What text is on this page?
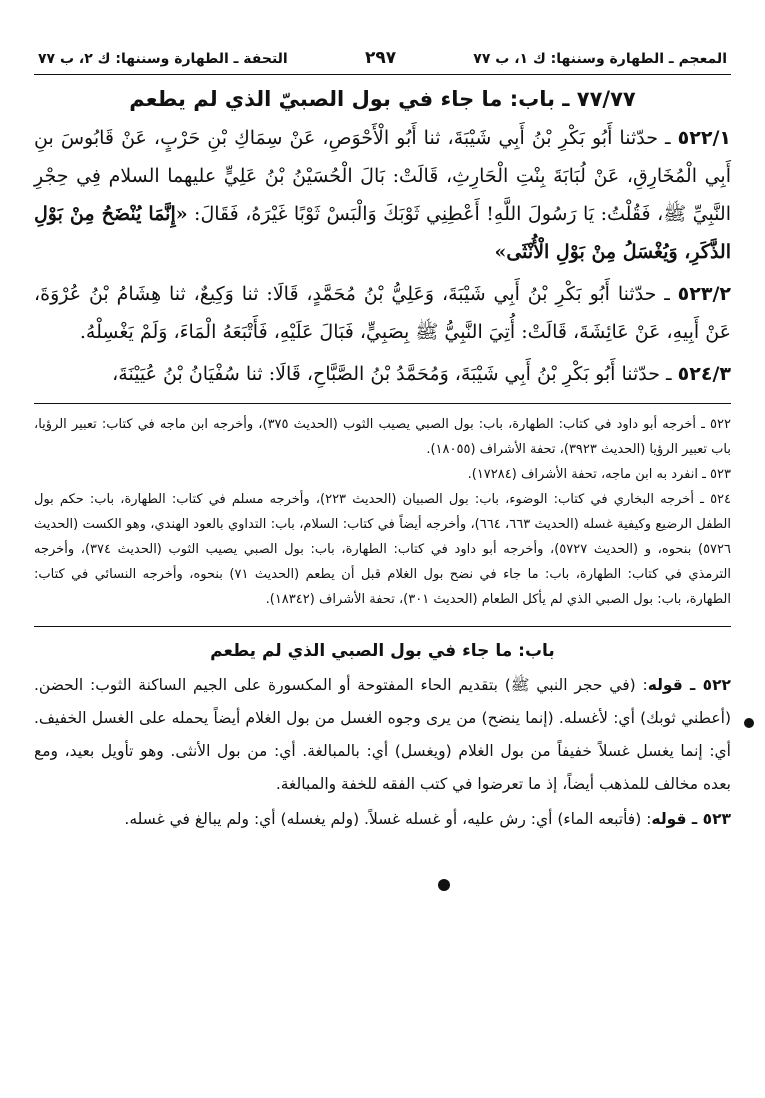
المعجم ـ الطهارة وسننها: ك ١، ب ٧٧
٢٩٧
التحفة ـ الطهارة وسننها: ك ٢، ب ٧٧
٧٧/٧٧ ـ باب: ما جاء في بول الصبيّ الذي لم يطعم

٥٢٢/١ ـ حدّثنا أَبُو بَكْرِ بْنُ أَبِي شَيْبَةَ، ثنا أَبُو الْأَحْوَصِ، عَنْ سِمَاكِ بْنِ حَرْبٍ، عَنْ قَابُوسَ بنِ أَبِي الْمُخَارِقِ، عَنْ لُبَابَةَ بِنْتِ الْحَارِثِ، قَالَتْ: بَالَ الْحُسَيْنُ بْنُ عَلِيٍّ عليهما السلام فِي حِجْرِ النَّبِيِّ ﷺ، فَقُلْتُ: يَا رَسُولَ اللَّهِ! أَعْطِنِي ثَوْبَكَ وَالْبَسْ ثَوْبًا غَيْرَهُ، فَقَالَ: «إِنَّمَا يُنْضَحُ مِنْ بَوْلِ الذَّكَرِ، وَيُغْسَلُ مِنْ بَوْلِ الْأُنْثَى»

٥٢٣/٢ ـ حدّثنا أَبُو بَكْرِ بْنُ أَبِي شَيْبَةَ، وَعَلِيُّ بْنُ مُحَمَّدٍ، قَالَا: ثنا وَكِيعٌ، ثنا هِشَامُ بْنُ عُرْوَةَ، عَنْ أَبِيهِ، عَنْ عَائِشَةَ، قَالَتْ: أُتِيَ النَّبِيُّ ﷺ بِصَبِيٍّ، فَبَالَ عَلَيْهِ، فَأَتْبَعَهُ الْمَاءَ، وَلَمْ يَغْسِلْهُ.

٥٢٤/٣ ـ حدّثنا أَبُو بَكْرِ بْنُ أَبِي شَيْبَةَ، وَمُحَمَّدُ بْنُ الصَّبَّاحِ، قَالَا: ثنا سُفْيَانُ بْنُ عُيَيْنَةَ،

٥٢٢ ـ أخرجه أبو داود في كتاب: الطهارة، باب: بول الصبي يصيب الثوب (الحديث ٣٧٥)، وأخرجه ابن ماجه في كتاب: تعبير الرؤيا، باب تعبير الرؤيا (الحديث ٣٩٢٣)، تحفة الأشراف (١٨٠٥٥).

٥٢٣ ـ انفرد به ابن ماجه، تحفة الأشراف (١٧٢٨٤).

٥٢٤ ـ أخرجه البخاري في كتاب: الوضوء، باب: بول الصبيان (الحديث ٢٢٣)، وأخرجه مسلم في كتاب: الطهارة، باب: حكم بول الطفل الرضيع وكيفية غسله (الحديث ٦٦٣، ٦٦٤)، وأخرجه أيضاً في كتاب: السلام، باب: التداوي بالعود الهندي، وهو الكست (الحديث ٥٧٢٦) بنحوه، و (الحديث ٥٧٢٧)، وأخرجه أبو داود في كتاب: الطهارة، باب: بول الصبي يصيب الثوب (الحديث ٣٧٤)، وأخرجه الترمذي في كتاب: الطهارة، باب: ما جاء في نضح بول الغلام قبل أن يطعم (الحديث ٧١) بنحوه، وأخرجه النسائي في كتاب: الطهارة، باب: بول الصبي الذي لم يأكل الطعام (الحديث ٣٠١)، تحفة الأشراف (١٨٣٤٢).

باب: ما جاء في بول الصبي الذي لم يطعم

٥٢٢ ـ قوله: (في حجر النبي ﷺ) بتقديم الحاء المفتوحة أو المكسورة على الجيم الساكنة الثوب: الحضن. (أعطني ثوبك) أي: لأغسله. (إنما ينضح) من يرى وجوه الغسل من بول الغلام أيضاً يحمله على الغسل الخفيف. أي: إنما يغسل غسلاً خفيفاً من بول الغلام (ويغسل) أي: بالمبالغة. أي: من بول الأنثى. وهو تأويل بعيد، ومع بعده مخالف للمذهب أيضاً، إذ ما تعرضوا في كتب الفقه للخفة والمبالغة.

٥٢٣ ـ قوله: (فأتبعه الماء) أي: رش عليه، أو غسله غسلاً. (ولم يغسله) أي: ولم يبالغ في غسله.
